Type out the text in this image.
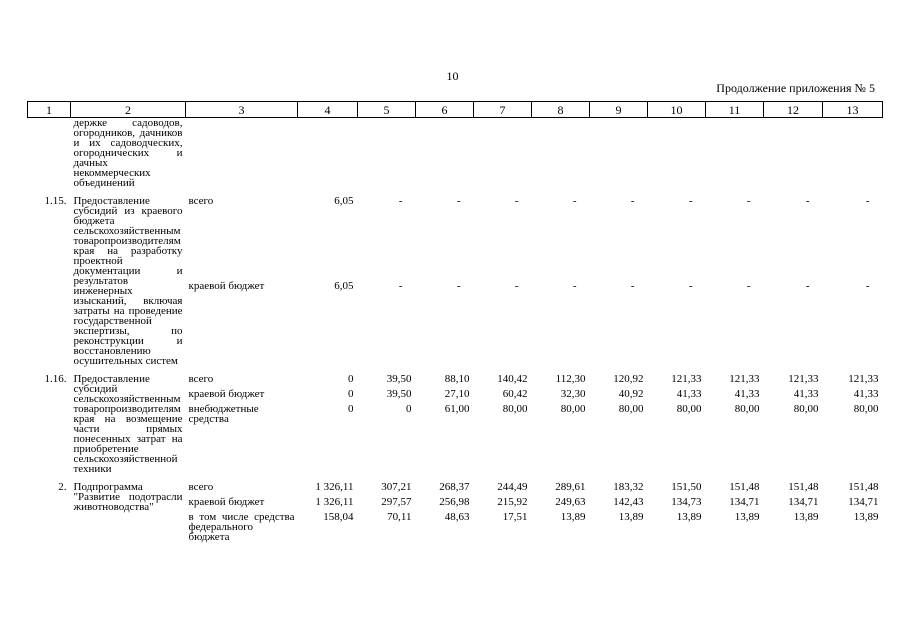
10
Продолжение приложения № 5
1	2	3	4	5	6	7	8	9	10	11	12	13
	держке садоводов, огородников, дачников и их садоводческих, огороднических и дачных некоммерческих объединений											

1.15.	Предоставление субсидий из краевого бюджета сельскохозяйственным товаропроизводителям края на разработку проектной документации и результатов инженерных изысканий, включая затраты на проведение государственной экспертизы, по реконструкции и восстановлению осушительных систем	всего	6,05	-	-	-	-	-	-	-	-	-
		краевой бюджет	6,05	-	-	-	-	-	-	-	-	-

1.16.	Предоставление субсидий сельскохозяйственным товаропроизводителям края на возмещение части прямых понесенных затрат на приобретение сельскохозяйственной техники	всего	0	39,50	88,10	140,42	112,30	120,92	121,33	121,33	121,33	121,33
		краевой бюджет	0	39,50	27,10	60,42	32,30	40,92	41,33	41,33	41,33	41,33
		внебюджетные средства	0	0	61,00	80,00	80,00	80,00	80,00	80,00	80,00	80,00

2.	Подпрограмма "Развитие подотрасли животноводства"	всего	1 326,11	307,21	268,37	244,49	289,61	183,32	151,50	151,48	151,48	151,48
		краевой бюджет	1 326,11	297,57	256,98	215,92	249,63	142,43	134,73	134,71	134,71	134,71
		в том числе средства федерального бюджета	158,04	70,11	48,63	17,51	13,89	13,89	13,89	13,89	13,89	13,89
